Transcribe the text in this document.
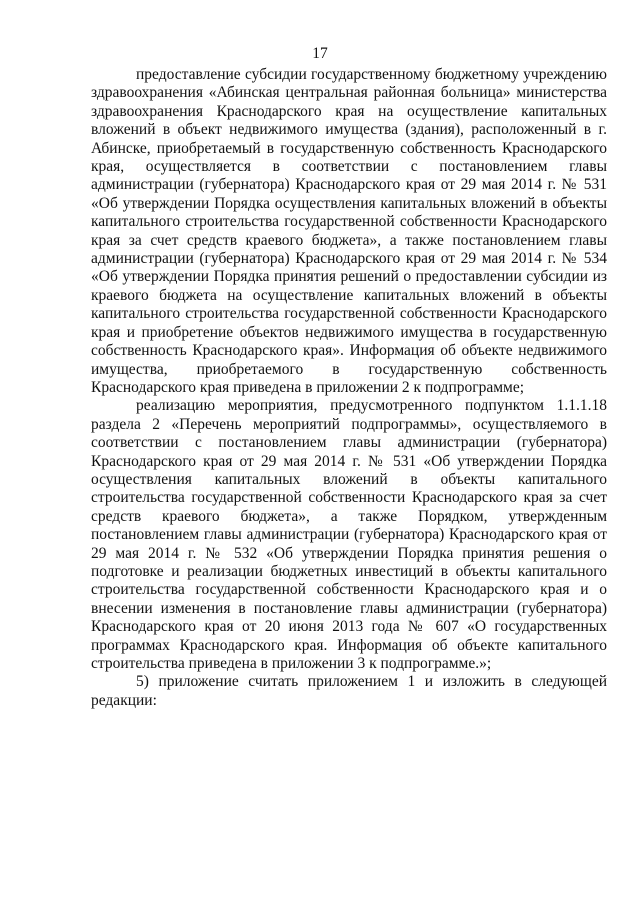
17

предоставление субсидии государственному бюджетному учреждению здравоохранения «Абинская центральная районная больница» министерства здравоохранения Краснодарского края на осуществление капитальных вложений в объект недвижимого имущества (здания), расположенный в г. Абинске, приобретаемый в государственную собственность Краснодарского края, осуществляется в соответствии с постановлением главы администрации (губернатора) Краснодарского края от 29 мая 2014 г. № 531 «Об утверждении Порядка осуществления капитальных вложений в объекты капитального строительства государственной собственности Краснодарского края за счет средств краевого бюджета», а также постановлением главы администрации (губернатора) Краснодарского края от 29 мая 2014 г. № 534 «Об утверждении Порядка принятия решений о предоставлении субсидии из краевого бюджета на осуществление капитальных вложений в объекты капитального строительства государственной собственности Краснодарского края и приобретение объектов недвижимого имущества в государственную собственность Краснодарского края». Информация об объекте недвижимого имущества, приобретаемого в государственную собственность Краснодарского края приведена в приложении 2 к подпрограмме;

реализацию мероприятия, предусмотренного подпунктом 1.1.1.18 раздела 2 «Перечень мероприятий подпрограммы», осуществляемого в соответствии с постановлением главы администрации (губернатора) Краснодарского края от 29 мая 2014 г. № 531 «Об утверждении Порядка осуществления капитальных вложений в объекты капитального строительства государственной собственности Краснодарского края за счет средств краевого бюджета», а также Порядком, утвержденным постановлением главы администрации (губернатора) Краснодарского края от 29 мая 2014 г. № 532 «Об утверждении Порядка принятия решения о подготовке и реализации бюджетных инвестиций в объекты капитального строительства государственной собственности Краснодарского края и о внесении изменения в постановление главы администрации (губернатора) Краснодарского края от 20 июня 2013 года № 607 «О государственных программах Краснодарского края. Информация об объекте капитального строительства приведена в приложении 3 к подпрограмме.»;

5) приложение считать приложением 1 и изложить в следующей редакции:
